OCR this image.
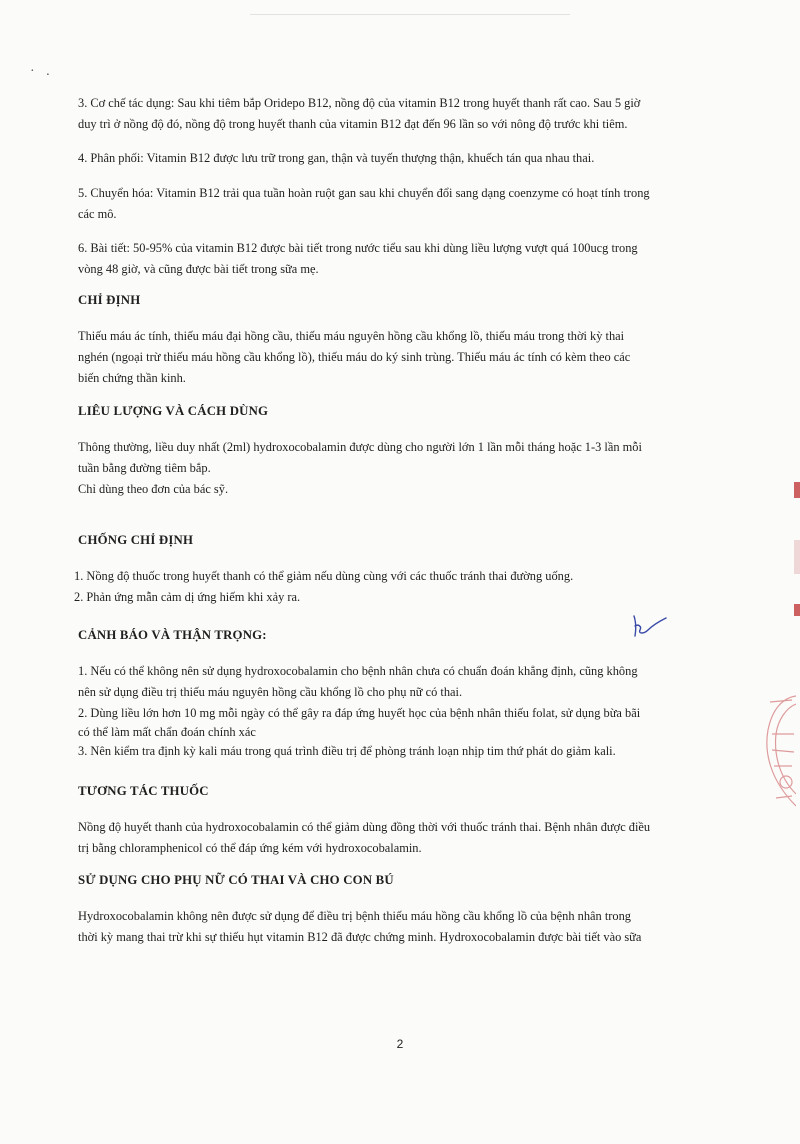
· .

3. Cơ chế tác dụng: Sau khi tiêm bắp Oridepo B12, nồng độ của vitamin B12 trong huyết thanh rất cao. Sau 5 giờ

duy trì ở nồng độ đó, nồng độ trong huyết thanh của vitamin B12 đạt đến 96 lần so với nông độ trước khi tiêm.

4. Phân phối: Vitamin B12 được lưu trữ trong gan, thận và tuyến thượng thận, khuếch tán qua nhau thai.

5. Chuyển hóa: Vitamin B12 trải qua tuần hoàn ruột gan sau khi chuyển đổi sang dạng coenzyme có hoạt tính trong

các mô.

6. Bài tiết: 50-95% của vitamin B12 được bài tiết trong nước tiểu sau khi dùng liều lượng vượt quá 100ucg trong

vòng 48 giờ, và cũng được bài tiết trong sữa mẹ.

CHỈ ĐỊNH

Thiếu máu ác tính, thiếu máu đại hồng cầu, thiếu máu nguyên hồng cầu khổng lồ, thiếu máu trong thời kỳ thai

nghén (ngoại trừ thiếu máu hồng cầu khổng lồ), thiếu máu do ký sinh trùng. Thiếu máu ác tính có kèm theo các

biến chứng thần kinh.

LIÊU LƯỢNG VÀ CÁCH DÙNG

Thông thường, liều duy nhất (2ml) hydroxocobalamin được dùng cho người lớn 1 lần mỗi tháng hoặc 1-3 lần mỗi

tuần bằng đường tiêm bắp.

Chỉ dùng theo đơn của bác sỹ.

CHỐNG CHỈ ĐỊNH
1. Nồng độ thuốc trong huyết thanh có thể giảm nếu dùng cùng với các thuốc tránh thai đường uống.
2. Phản ứng mẫn cảm dị ứng hiếm khi xảy ra.
CẢNH BÁO VÀ THẬN TRỌNG:

1. Nếu có thể không nên sử dụng hydroxocobalamin cho bệnh nhân chưa có chuẩn đoán khẳng định, cũng không

nên sử dụng điều trị thiếu máu nguyên hồng cầu khổng lồ cho phụ nữ có thai.

2. Dùng liều lớn hơn 10 mg mỗi ngày có thể gây ra đáp ứng huyết học của bệnh nhân thiếu folat, sử dụng bừa bãi

có thể làm mất chẩn đoán chính xác

3. Nên kiểm tra định kỳ kali máu trong quá trình điều trị để phòng tránh loạn nhịp tim thứ phát do giảm kali.

TƯƠNG TÁC THUỐC

Nồng độ huyết thanh của hydroxocobalamin có thể giảm dùng đồng thời với thuốc tránh thai. Bệnh nhân được điều

trị bằng chloramphenicol có thể đáp ứng kém với hydroxocobalamin.

SỬ DỤNG CHO PHỤ NỮ CÓ THAI VÀ CHO CON BÚ

Hydroxocobalamin không nên được sử dụng để điều trị bệnh thiếu máu hồng cầu khổng lồ của bệnh nhân trong

thời kỳ mang thai trừ khi sự thiếu hụt vitamin B12 đã được chứng minh. Hydroxocobalamin được bài tiết vào sữa

2
